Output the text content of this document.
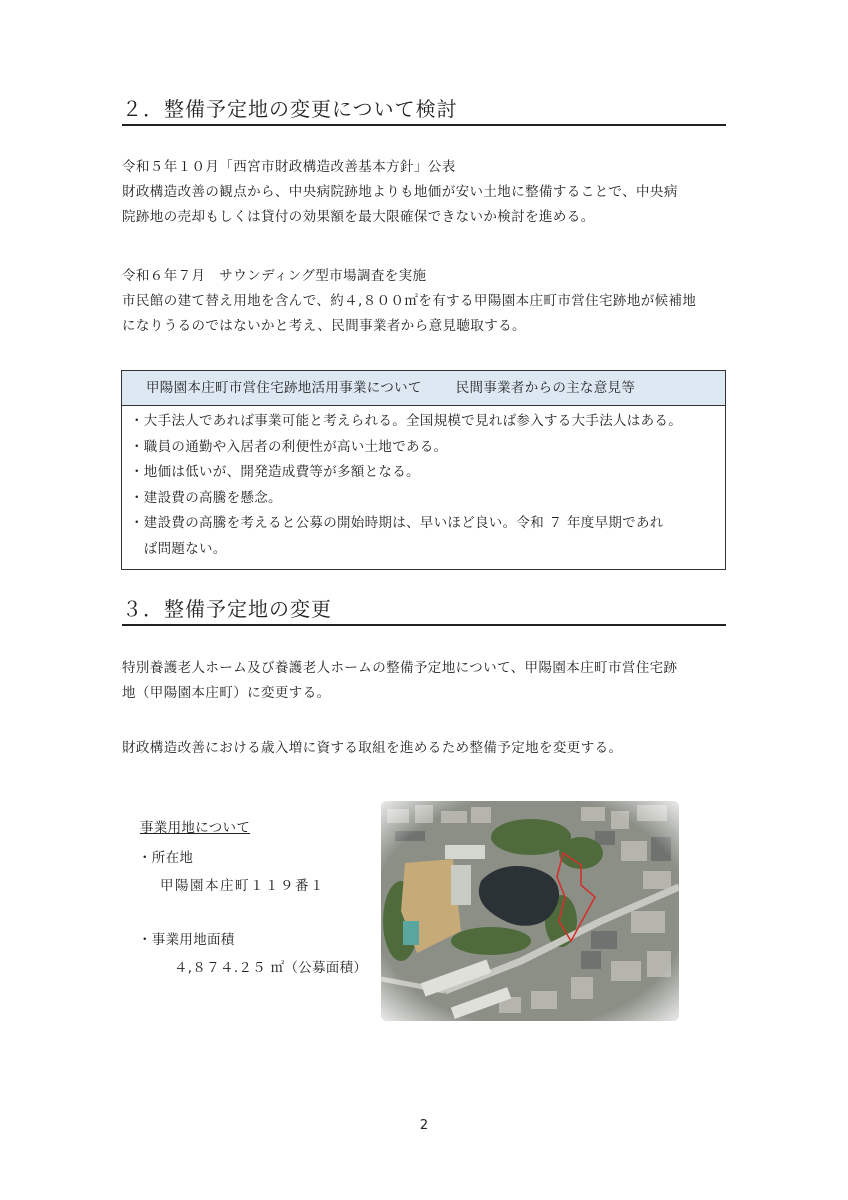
２．整備予定地の変更について検討

令和５年１０月「西宮市財政構造改善基本方針」公表

財政構造改善の観点から、中央病院跡地よりも地価が安い土地に整備することで、中央病

院跡地の売却もしくは貸付の効果額を最大限確保できないか検討を進める。

令和６年７月　サウンディング型市場調査を実施

市民館の建て替え用地を含んで、約４,８００㎡を有する甲陽園本庄町市営住宅跡地が候補地

になりうるのではないかと考え、民間事業者から意見聴取する。

甲陽園本庄町市営住宅跡地活用事業について	民間事業者からの主な意見等
・大手法人であれば事業可能と考えられる。全国規模で見れば参入する大手法人はある。
・職員の通勤や入居者の利便性が高い土地である。
・地価は低いが、開発造成費等が多額となる。
・建設費の高騰を懸念。
・建設費の高騰を考えると公募の開始時期は、早いほど良い。令和 ７ 年度早期であれ
　ば問題ない。
３．整備予定地の変更

特別養護老人ホーム及び養護老人ホームの整備予定地について、甲陽園本庄町市営住宅跡

地（甲陽園本庄町）に変更する。

財政構造改善における歳入増に資する取組を進めるため整備予定地を変更する。
事業用地について
・所在地
甲陽園本庄町１１９番１
・事業用地面積
４,８７４.２５ ㎡（公募面積）
2
